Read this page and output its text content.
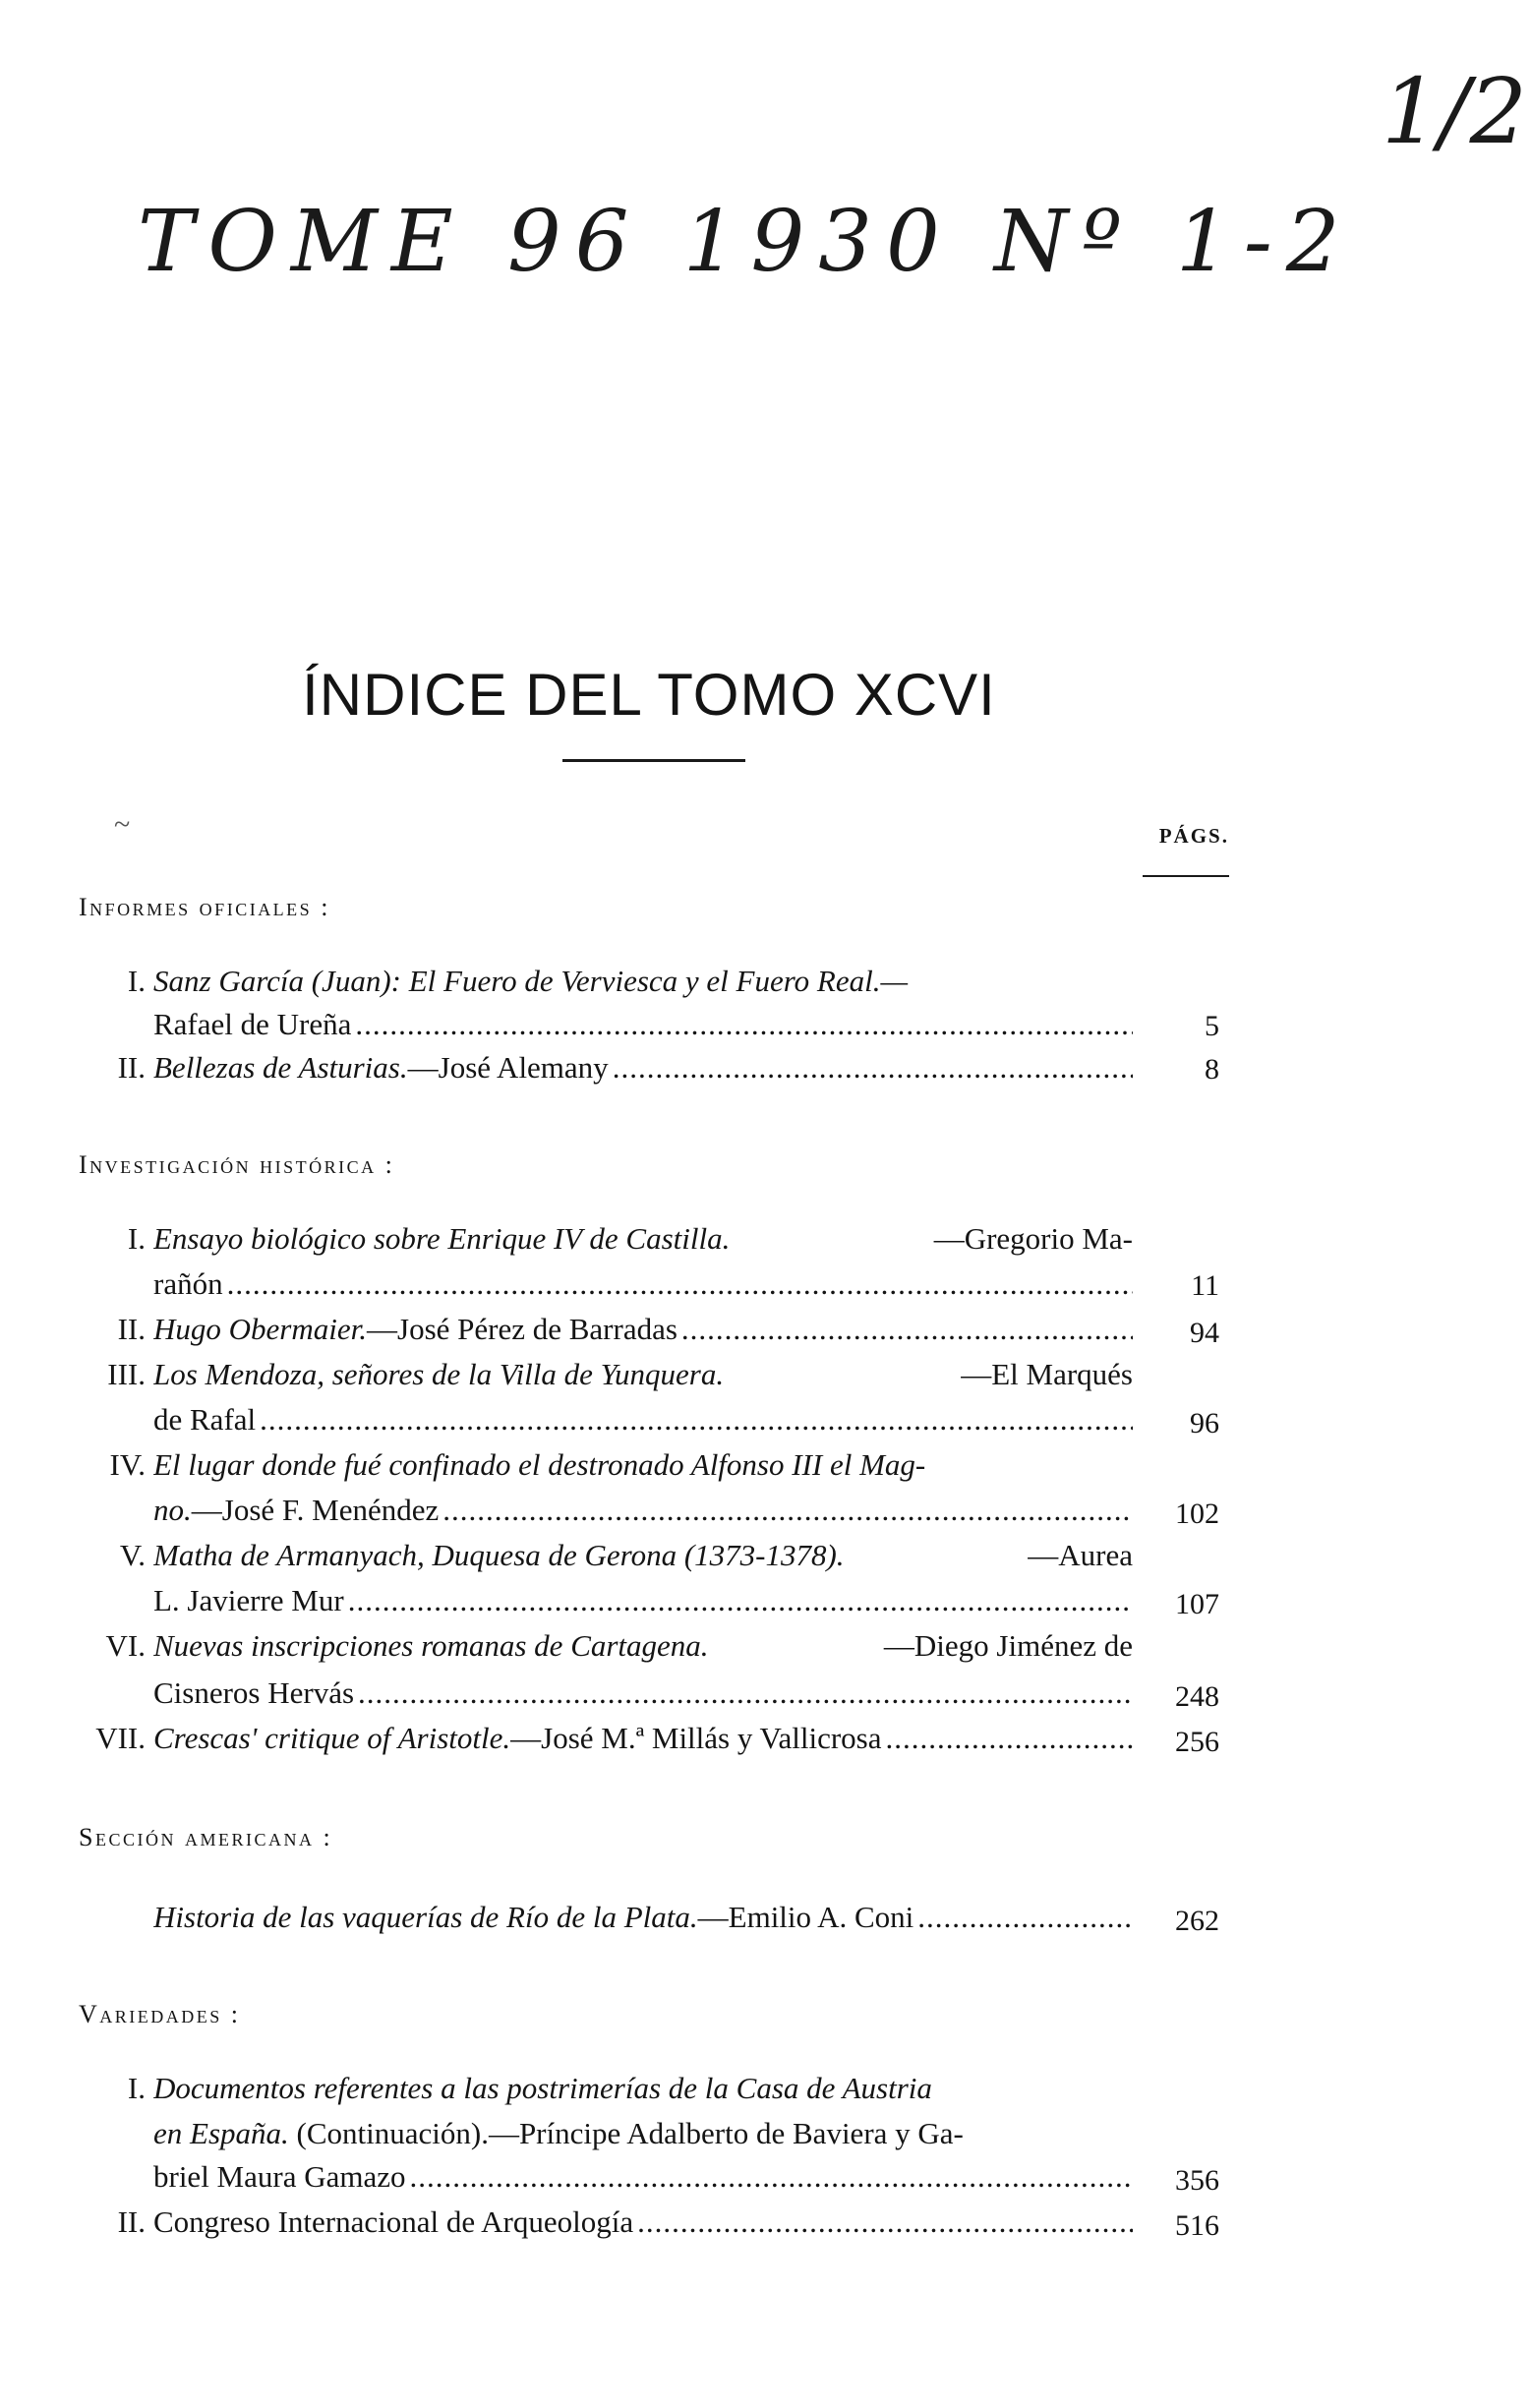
TOME 96 1930 Nº 1-2
1/2
ÍNDICE DEL TOMO XCVI
~	PÁGS.
Informes oficiales :
I. Sanz García (Juan): El Fuero de Verviesca y el Fuero Real.—
Rafael de Ureña .....	5
II. Bellezas de Asturias. —José Alemany .....	8
Investigación histórica :
I. Ensayo biológico sobre Enrique IV de Castilla.	—Gregorio Ma-
rañón .....	11
II. Hugo Obermaier. —José Pérez de Barradas .....	94
III. Los Mendoza, señores de la Villa de Yunquera.	—El Marqués
de Rafal .....	96
IV. El lugar donde fué confinado el destronado Alfonso III el Mag-
no. —José F. Menéndez .....	102
V. Matha de Armanyach, Duquesa de Gerona (1373-1378).	—Aurea
L. Javierre Mur .....	107
VI. Nuevas inscripciones romanas de Cartagena.	—Diego Jiménez de
Cisneros Hervás .....	248
VII. Crescas' critique of Aristotle. —José M.ª Millás y Vallicrosa .....	256
Sección americana :
Historia de las vaquerías de Río de la Plata. —Emilio A. Coni .....	262
Variedades :
I. Documentos referentes a las postrimerías de la Casa de Austria
en España. (Continuación).—Príncipe Adalberto de Baviera y Ga-
briel Maura Gamazo .....	356
II. Congreso Internacional de Arqueología .....	516
